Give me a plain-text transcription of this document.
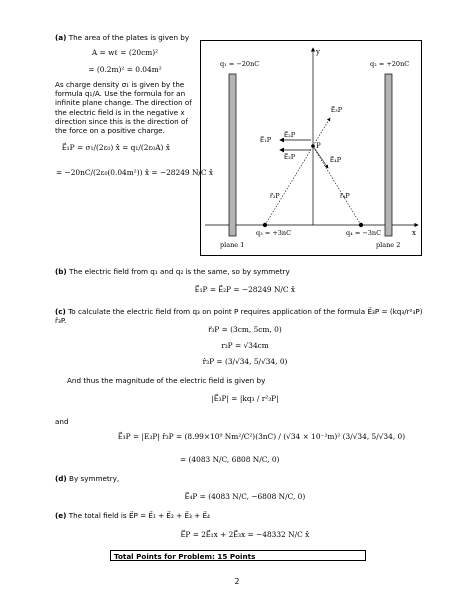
(a) The area of the plates is given by
A = wℓ = (20cm)²
= (0.2m)² = 0.04m²
As charge density σ₁ is given by the formula q₁/A. Use the formula for an infinite plane change. The direction of the electric field is in the negative x direction since this is the direction of the force on a positive charge.
E⃗₁P = σ₁/(2ε₀) x̂ = q₁/(2ε₀A) x̂
= −20nC/(2ε₀(0.04m²)) x̂ = −28249 N/C x̂
y
x
q₁ = −20nC	q₂ = +20nC
plane 1	plane 2
q₃ = +3nC	q₄ = −3nC
P
r⃗₃P	r⃗₄P
E⃗₃P
E⃗₄P
E⃗₁P
E⃗₂P
E⃗₂P
(b) The electric field from q₁ and q₂ is the same, so by symmetry
E⃗₁P = E⃗₂P = −28249 N/C x̂
(c) To calculate the electric field from q₃ on point P requires application of the formula E⃗₃P = (kq₃/r²₃P) r̂₃P.
r⃗₃P = (3cm, 5cm, 0)
r₃P = √34cm
r̂₃P = (3/√34, 5/√34, 0)
And thus the magnitude of the electric field is given by
|E⃗₃P| = |kq₃ / r²₃P|
and
E⃗₃P = |E₃P| r̂₃P = (8.99×10⁹ Nm²/C²)(3nC) / (√34 × 10⁻²m)² (3/√34, 5/√34, 0)
= (4083 N/C, 6808 N/C, 0)
(d) By symmetry,
E⃗₄P = (4083 N/C, −6808 N/C, 0)
(e) The total field is E⃗P = E⃗₁ + E⃗₂ + E⃗₃ + E⃗₄
E⃗P = 2E⃗₁x + 2E⃗₃x = −48332 N/C x̂
Total Points for Problem: 15 Points
2
